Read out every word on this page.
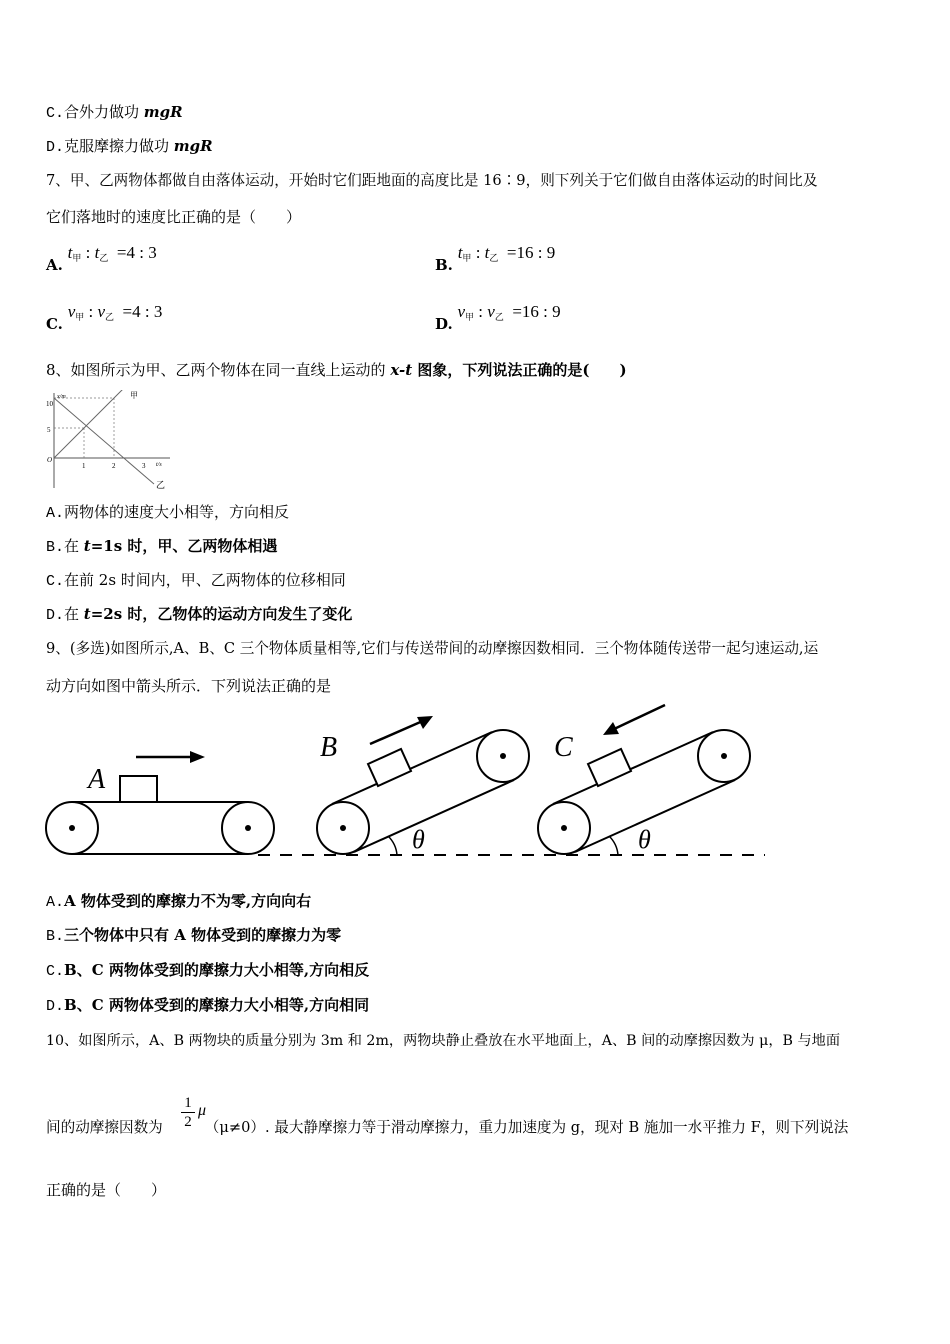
C.合外力做功 mgR
D.克服摩擦力做功 mgR
7、甲、乙两物体都做自由落体运动，开始时它们距地面的高度比是 16∶9，则下列关于它们做自由落体运动的时间比及
它们落地时的速度比正确的是（　　）
A. $t_甲$ : $t_乙 =4$ : 3
B. $t_甲$ : $t_乙 =16$ : 9
C. $v_甲$ : $v_乙 =4$ : 3
D. $v_甲$ : $v_乙 =16$ : 9
8、如图所示为甲、乙两个物体在同一直线上运动的 x-t 图象，下列说法正确的是(　　)
甲
乙
x/m
t/s
10
5
O
1	2	3
A.两物体的速度大小相等，方向相反
B.在 t=1s 时，甲、乙两物体相遇
C.在前 2s 时间内，甲、乙两物体的位移相同
D.在 t=2s 时，乙物体的运动方向发生了变化
9、(多选)如图所示,A、B、C 三个物体质量相等,它们与传送带间的动摩擦因数相同．三个物体随传送带一起匀速运动,运
动方向如图中箭头所示．下列说法正确的是
A
θ
B
θ
C
A.A 物体受到的摩擦力不为零,方向向右
B.三个物体中只有 A 物体受到的摩擦力为零
C.B、C 两物体受到的摩擦力大小相等,方向相反
D.B、C 两物体受到的摩擦力大小相等,方向相同
10、如图所示，A、B 两物块的质量分别为 3m 和 2m，两物块静止叠放在水平地面上，A、B 间的动摩擦因数为 μ，B 与地面
间的动摩擦因数为	（μ≠0）. 最大静摩擦力等于滑动摩擦力，重力加速度为 g，现对 B 施加一水平推力 F，则下列说法
$\frac{1}{2}$ μ
正确的是（　　）
